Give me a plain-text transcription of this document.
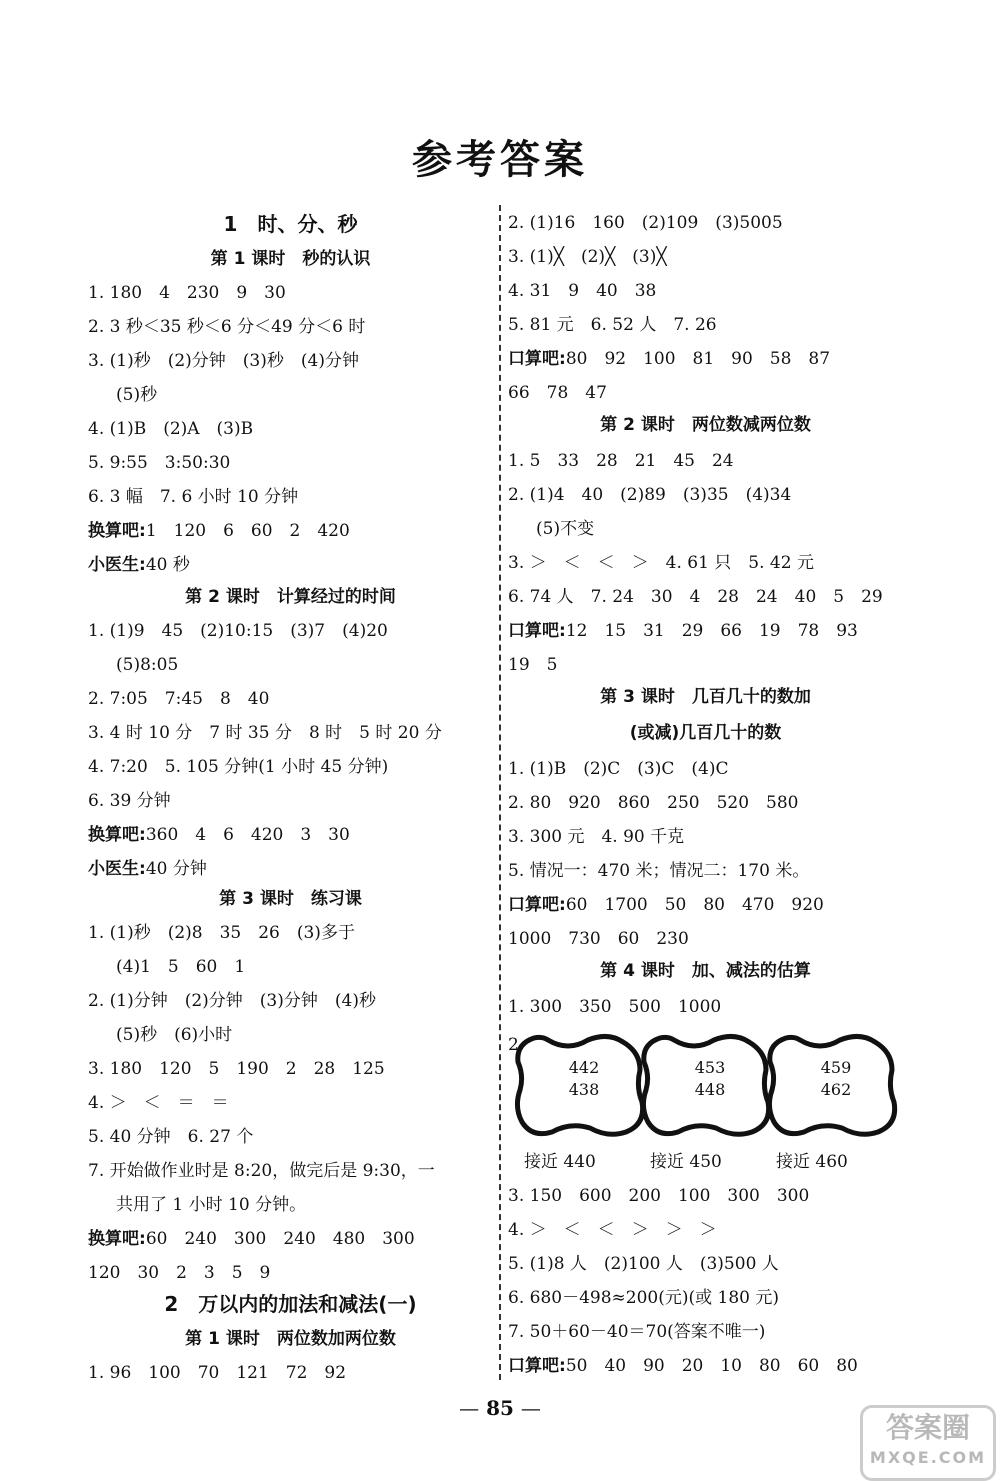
参考答案
1　时、分、秒
第 1 课时　秒的认识
1. 180　4　230　9　30
2. 3 秒＜35 秒＜6 分＜49 分＜6 时
3. (1)秒　(2)分钟　(3)秒　(4)分钟
(5)秒
4. (1)B　(2)A　(3)B
5. 9:55　3:50:30
6. 3 幅　7. 6 小时 10 分钟
换算吧:1　120　6　60　2　420
小医生:40 秒
第 2 课时　计算经过的时间
1. (1)9　45　(2)10:15　(3)7　(4)20
(5)8:05
2. 7:05　7:45　8　40
3. 4 时 10 分　7 时 35 分　8 时　5 时 20 分
4. 7:20　5. 105 分钟(1 小时 45 分钟)
6. 39 分钟
换算吧:360　4　6　420　3　30
小医生:40 分钟
第 3 课时　练习课
1. (1)秒　(2)8　35　26　(3)多于
(4)1　5　60　1
2. (1)分钟　(2)分钟　(3)分钟　(4)秒
(5)秒　(6)小时
3. 180　120　5　190　2　28　125
4. ＞　＜　＝　＝
5. 40 分钟　6. 27 个
7. 开始做作业时是 8:20，做完后是 9:30，一
共用了 1 小时 10 分钟。
换算吧:60　240　300　240　480　300
120　30　2　3　5　9
2　万以内的加法和减法(一)
第 1 课时　两位数加两位数
1. 96　100　70　121　72　92
2. (1)16　160　(2)109　(3)5005
3. (1)╳　(2)╳　(3)╳
4. 31　9　40　38
5. 81 元　6. 52 人　7. 26
口算吧:80　92　100　81　90　58　87
66　78　47
第 2 课时　两位数减两位数
1. 5　33　28　21　45　24
2. (1)4　40　(2)89　(3)35　(4)34
(5)不变
3. ＞　＜　＜　＞　4. 61 只　5. 42 元
6. 74 人　7. 24　30　4　28　24　40　5　29
口算吧:12　15　31　29　66　19　78　93
19　5
第 3 课时　几百几十的数加
(或减)几百几十的数
1. (1)B　(2)C　(3)C　(4)C
2. 80　920　860　250　520　580
3. 300 元　4. 90 千克
5. 情况一：470 米；情况二：170 米。
口算吧:60　1700　50　80　470　920
1000　730　60　230
第 4 课时　加、减法的估算
1. 300　350　500　1000
2.
442
438
453
448
459
462
接近 440	接近 450	接近 460
3. 150　600　200　100　300　300
4. ＞　＜　＜　＞　＞　＞
5. (1)8 人　(2)100 人　(3)500 人
6. 680－498≈200(元)(或 180 元)
7. 50＋60－40＝70(答案不唯一)
口算吧:50　40　90　20　10　80　60　80
— 85 —
答案圈
MXQE.COM
